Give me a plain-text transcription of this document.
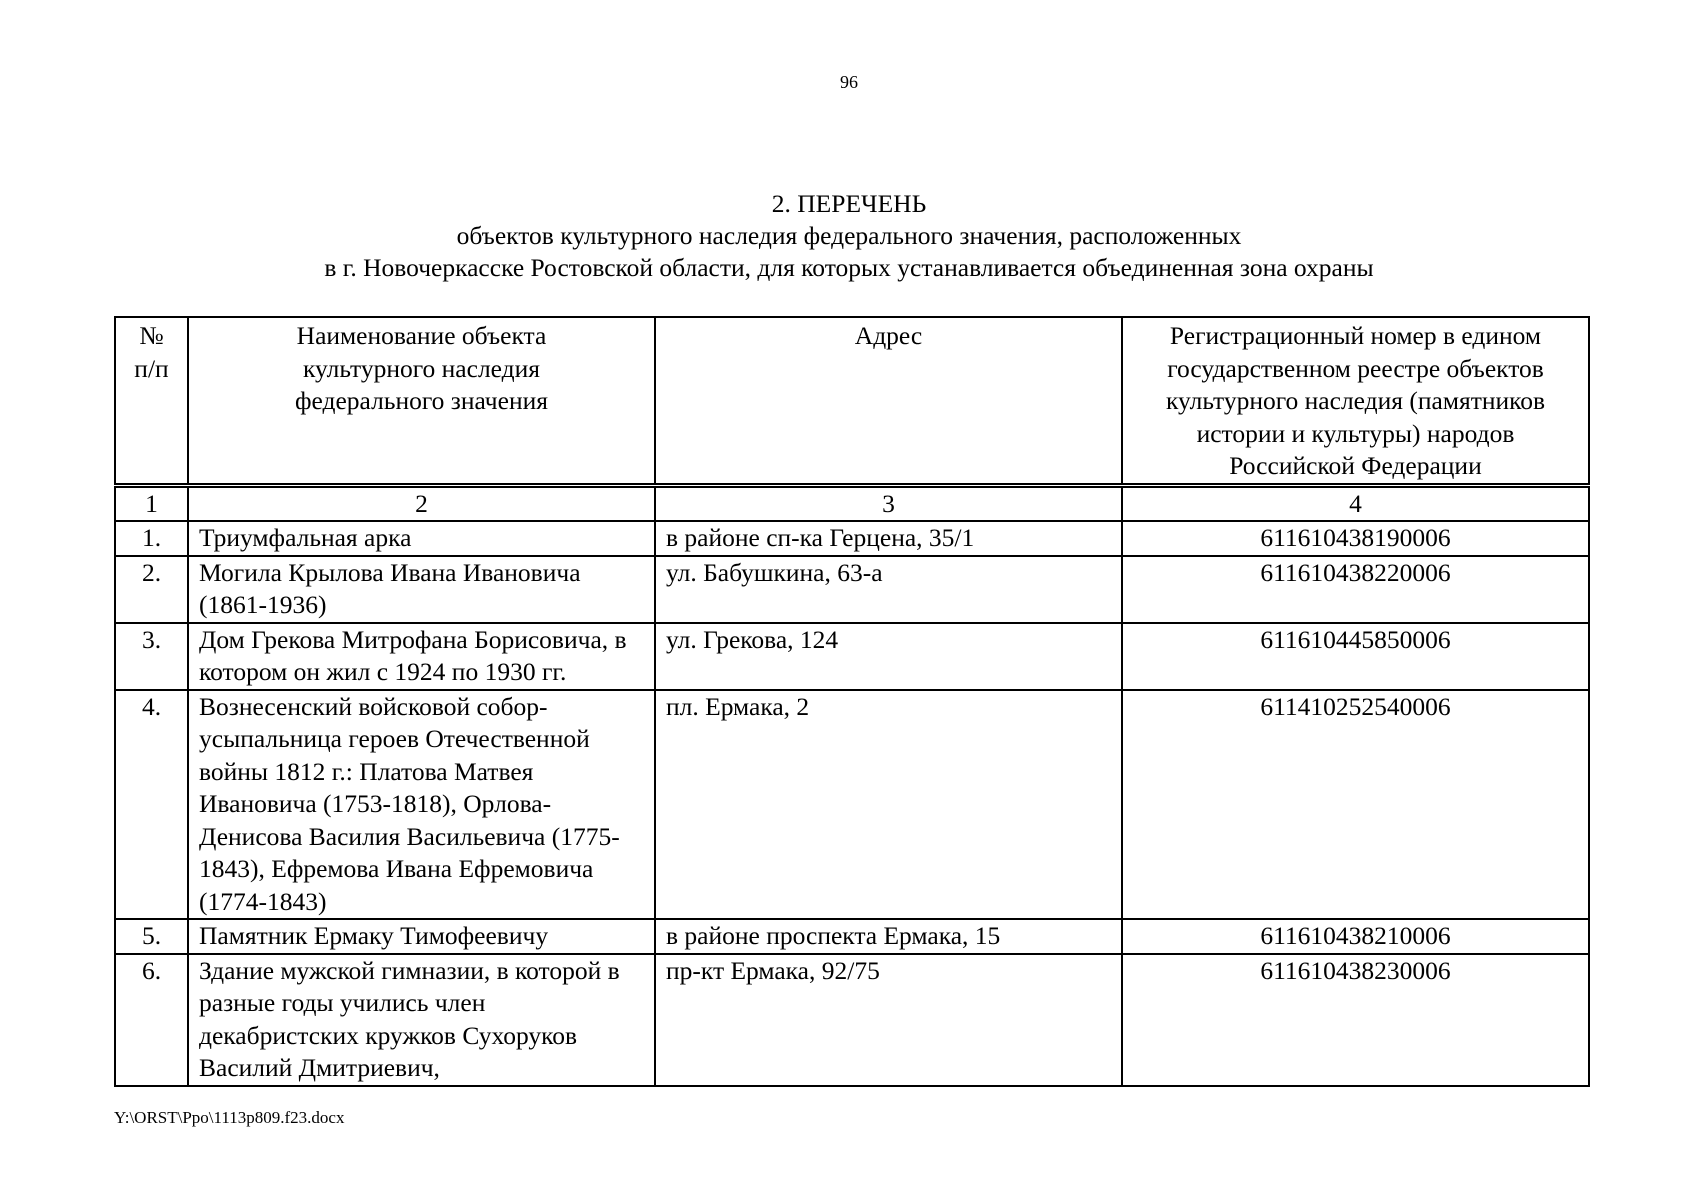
96
2. ПЕРЕЧЕНЬ
объектов культурного наследия федерального значения, расположенных
в г. Новочеркасске Ростовской области, для которых устанавливается объединенная зона охраны
№ п/п	Наименование объекта культурного наследия федерального значения	Адрес	Регистрационный номер в едином государственном реестре объектов культурного наследия (памятников истории и культуры) народов Российской Федерации
1	2	3	4
1.	Триумфальная арка	в районе сп-ка Герцена, 35/1	611610438190006
2.	Могила Крылова Ивана Ивановича (1861-1936)	ул. Бабушкина, 63-а	611610438220006
3.	Дом Грекова Митрофана Борисовича, в котором он жил с 1924 по 1930 гг.	ул. Грекова, 124	611610445850006
4.	Вознесенский войсковой собор-усыпальница героев Отечественной войны 1812 г.: Платова Матвея Ивановича (1753-1818), Орлова-Денисова Василия Васильевича (1775-1843), Ефремова Ивана Ефремовича (1774-1843)	пл. Ермака, 2	611410252540006
5.	Памятник Ермаку Тимофеевичу	в районе проспекта Ермака, 15	611610438210006
6.	Здание мужской гимназии, в которой в разные годы учились член декабристских кружков Сухоруков Василий Дмитриевич,	пр-кт Ермака, 92/75	611610438230006
Y:\ORST\Ppo\1113p809.f23.docx
